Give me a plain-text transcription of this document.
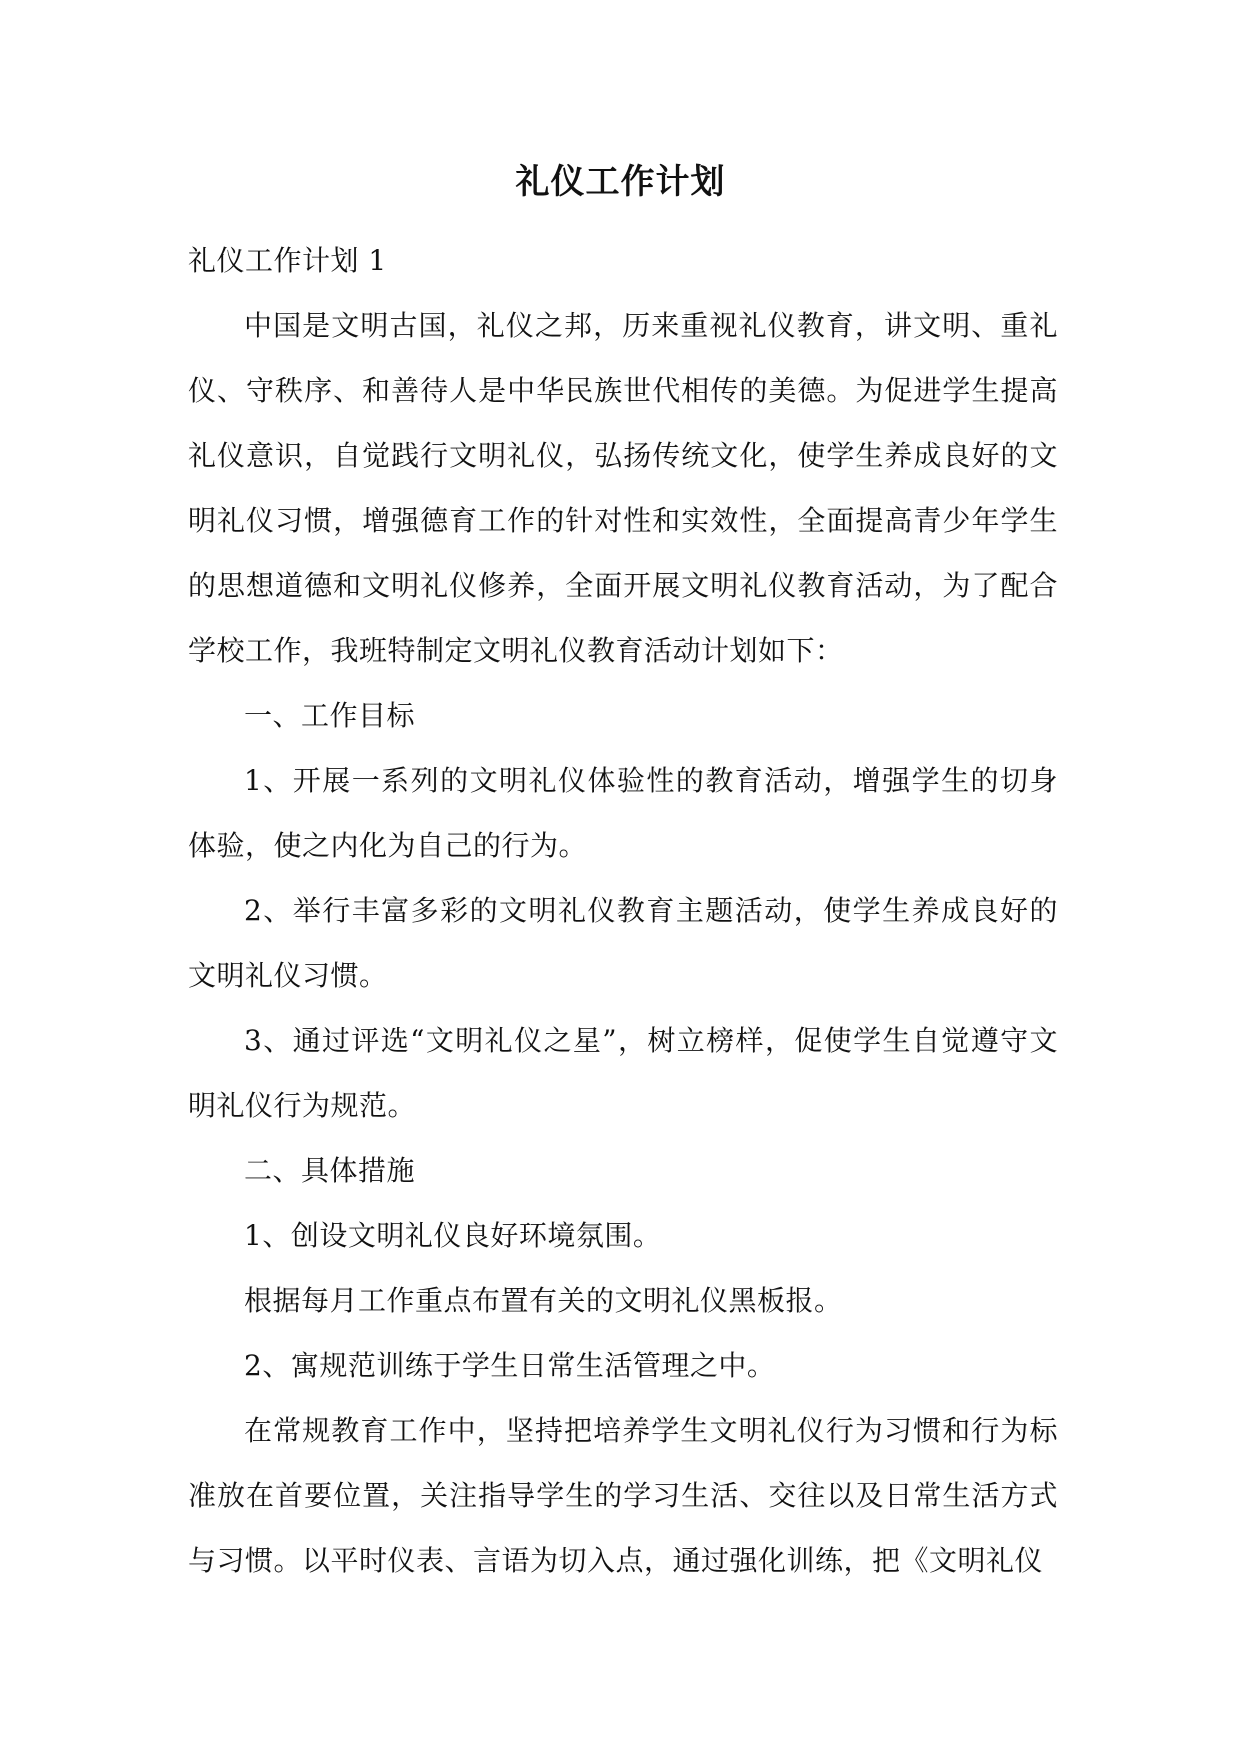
礼仪工作计划

礼仪工作计划 1

中国是文明古国，礼仪之邦，历来重视礼仪教育，讲文明、重礼仪、守秩序、和善待人是中华民族世代相传的美德。为促进学生提高礼仪意识，自觉践行文明礼仪，弘扬传统文化，使学生养成良好的文明礼仪习惯，增强德育工作的针对性和实效性，全面提高青少年学生的思想道德和文明礼仪修养，全面开展文明礼仪教育活动，为了配合学校工作，我班特制定文明礼仪教育活动计划如下：

一、工作目标

1、开展一系列的文明礼仪体验性的教育活动，增强学生的切身体验，使之内化为自己的行为。

2、举行丰富多彩的文明礼仪教育主题活动，使学生养成良好的文明礼仪习惯。

3、通过评选“文明礼仪之星”，树立榜样，促使学生自觉遵守文明礼仪行为规范。

二、具体措施

1、创设文明礼仪良好环境氛围。

根据每月工作重点布置有关的文明礼仪黑板报。

2、寓规范训练于学生日常生活管理之中。

在常规教育工作中，坚持把培养学生文明礼仪行为习惯和行为标准放在首要位置，关注指导学生的学习生活、交往以及日常生活方式与习惯。以平时仪表、言语为切入点，通过强化训练，把《文明礼仪
